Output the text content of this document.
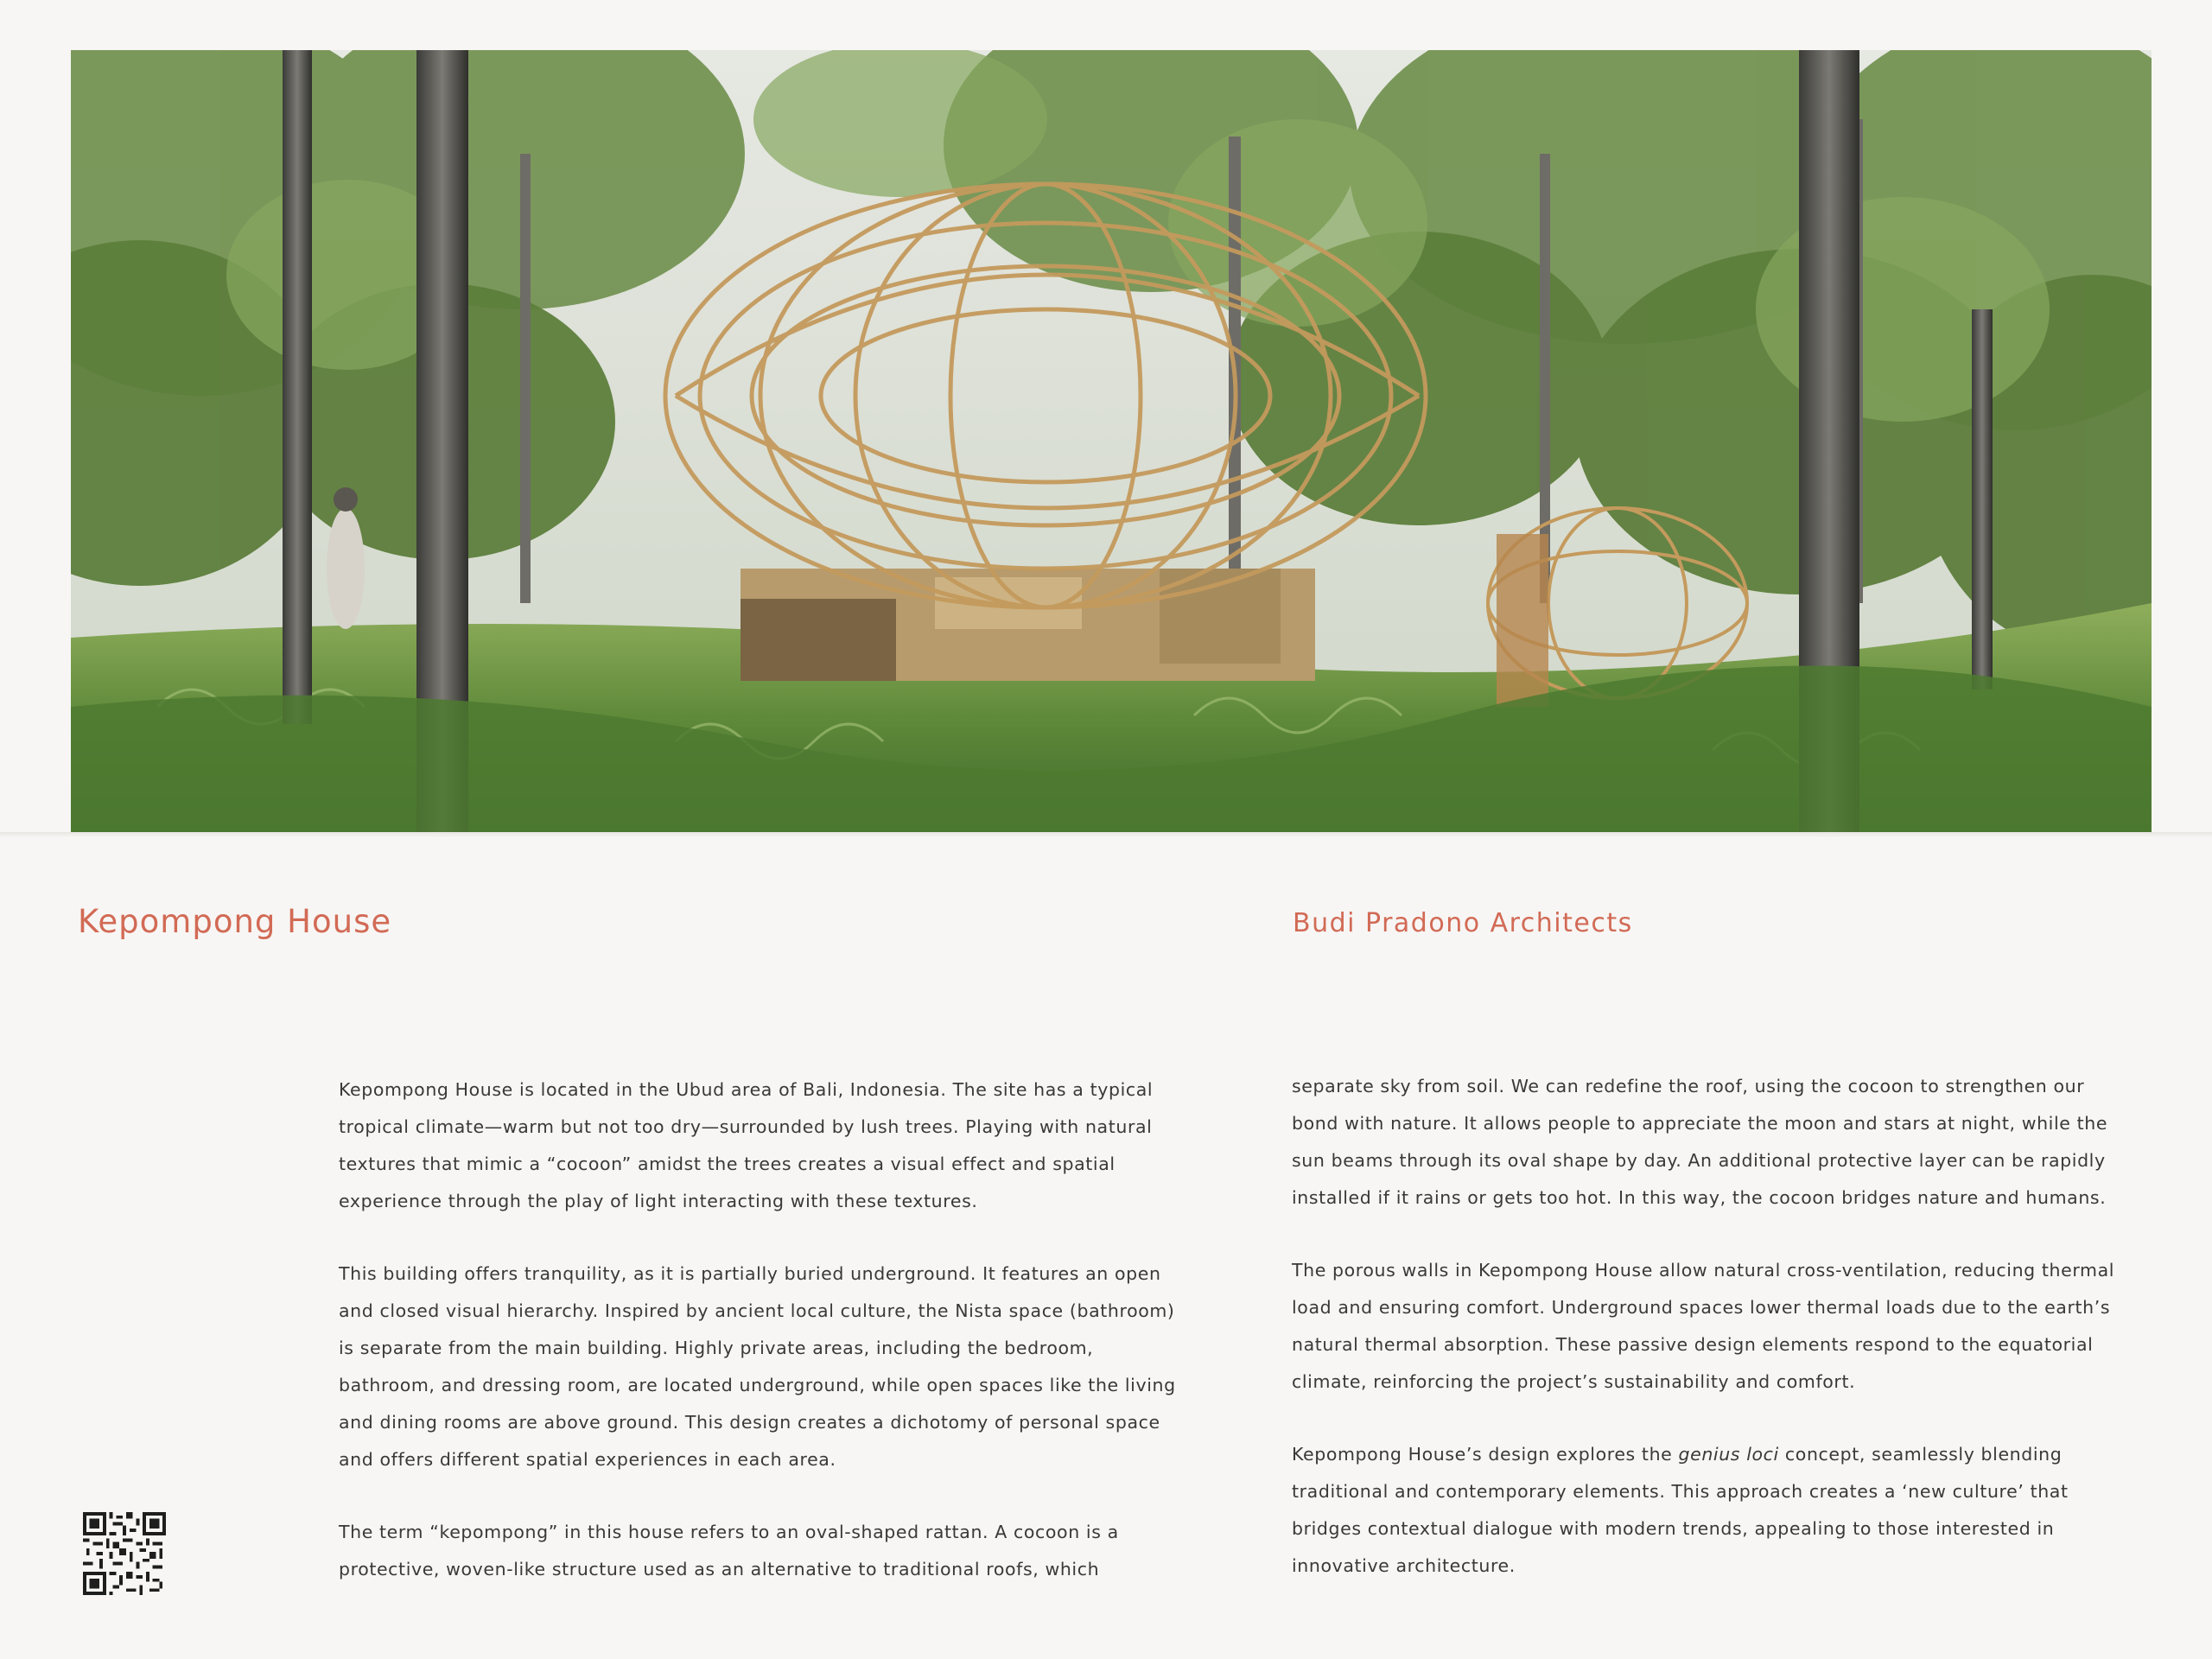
Kepompong House	Budi Pradono Architects

Kepompong House is located in the Ubud area of Bali, Indonesia. The site has a typical
tropical climate—warm but not too dry—surrounded by lush trees. Playing with natural
textures that mimic a “cocoon” amidst the trees creates a visual effect and spatial
experience through the play of light interacting with these textures.

This building offers tranquility, as it is partially buried underground. It features an open
and closed visual hierarchy. Inspired by ancient local culture, the Nista space (bathroom)
is separate from the main building. Highly private areas, including the bedroom,
bathroom, and dressing room, are located underground, while open spaces like the living
and dining rooms are above ground. This design creates a dichotomy of personal space
and offers different spatial experiences in each area.

The term “kepompong” in this house refers to an oval-shaped rattan. A cocoon is a
protective, woven-like structure used as an alternative to traditional roofs, which

separate sky from soil. We can redefine the roof, using the cocoon to strengthen our
bond with nature. It allows people to appreciate the moon and stars at night, while the
sun beams through its oval shape by day. An additional protective layer can be rapidly
installed if it rains or gets too hot. In this way, the cocoon bridges nature and humans.

The porous walls in Kepompong House allow natural cross-ventilation, reducing thermal
load and ensuring comfort. Underground spaces lower thermal loads due to the earth’s
natural thermal absorption. These passive design elements respond to the equatorial
climate, reinforcing the project’s sustainability and comfort.

Kepompong House’s design explores the genius loci concept, seamlessly blending
traditional and contemporary elements. This approach creates a ‘new culture’ that
bridges contextual dialogue with modern trends, appealing to those interested in
innovative architecture.
